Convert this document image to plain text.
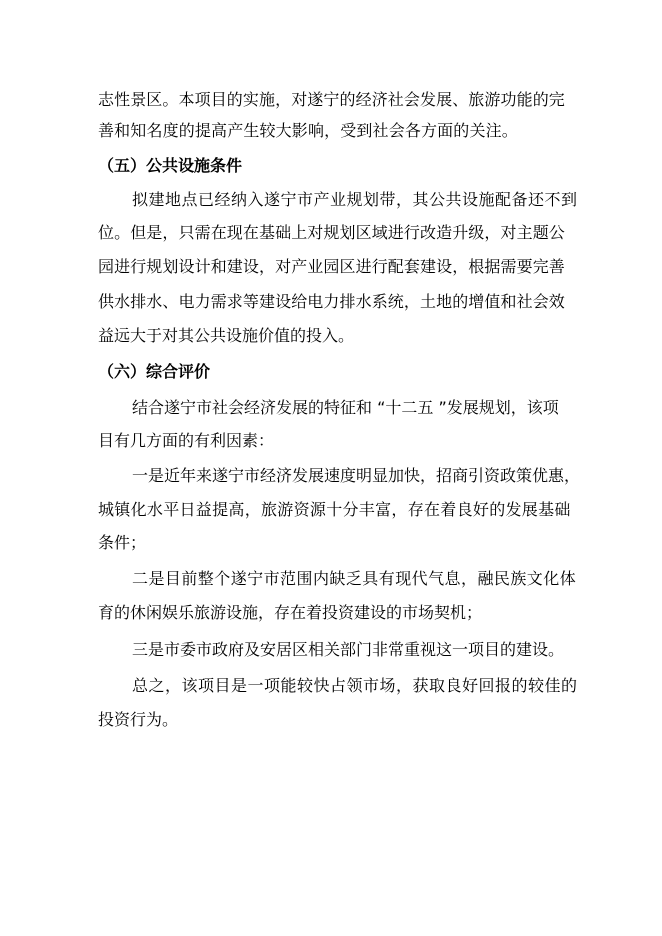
志性景区。本项目的实施，对遂宁的经济社会发展、旅游功能的完
善和知名度的提高产生较大影响，受到社会各方面的关注。
（五）公共设施条件
拟建地点已经纳入遂宁市产业规划带，其公共设施配备还不到
位。但是，只需在现在基础上对规划区域进行改造升级，对主题公
园进行规划设计和建设，对产业园区进行配套建设，根据需要完善
供水排水、电力需求等建设给电力排水系统，土地的增值和社会效
益远大于对其公共设施价值的投入。
（六）综合评价
结合遂宁市社会经济发展的特征和 “十二五 ”发展规划，该项
目有几方面的有利因素：
一是近年来遂宁市经济发展速度明显加快，招商引资政策优惠，
城镇化水平日益提高，旅游资源十分丰富，存在着良好的发展基础
条件；
二是目前整个遂宁市范围内缺乏具有现代气息，融民族文化体
育的休闲娱乐旅游设施，存在着投资建设的市场契机；
三是市委市政府及安居区相关部门非常重视这一项目的建设。
总之，该项目是一项能较快占领市场，获取良好回报的较佳的
投资行为。
